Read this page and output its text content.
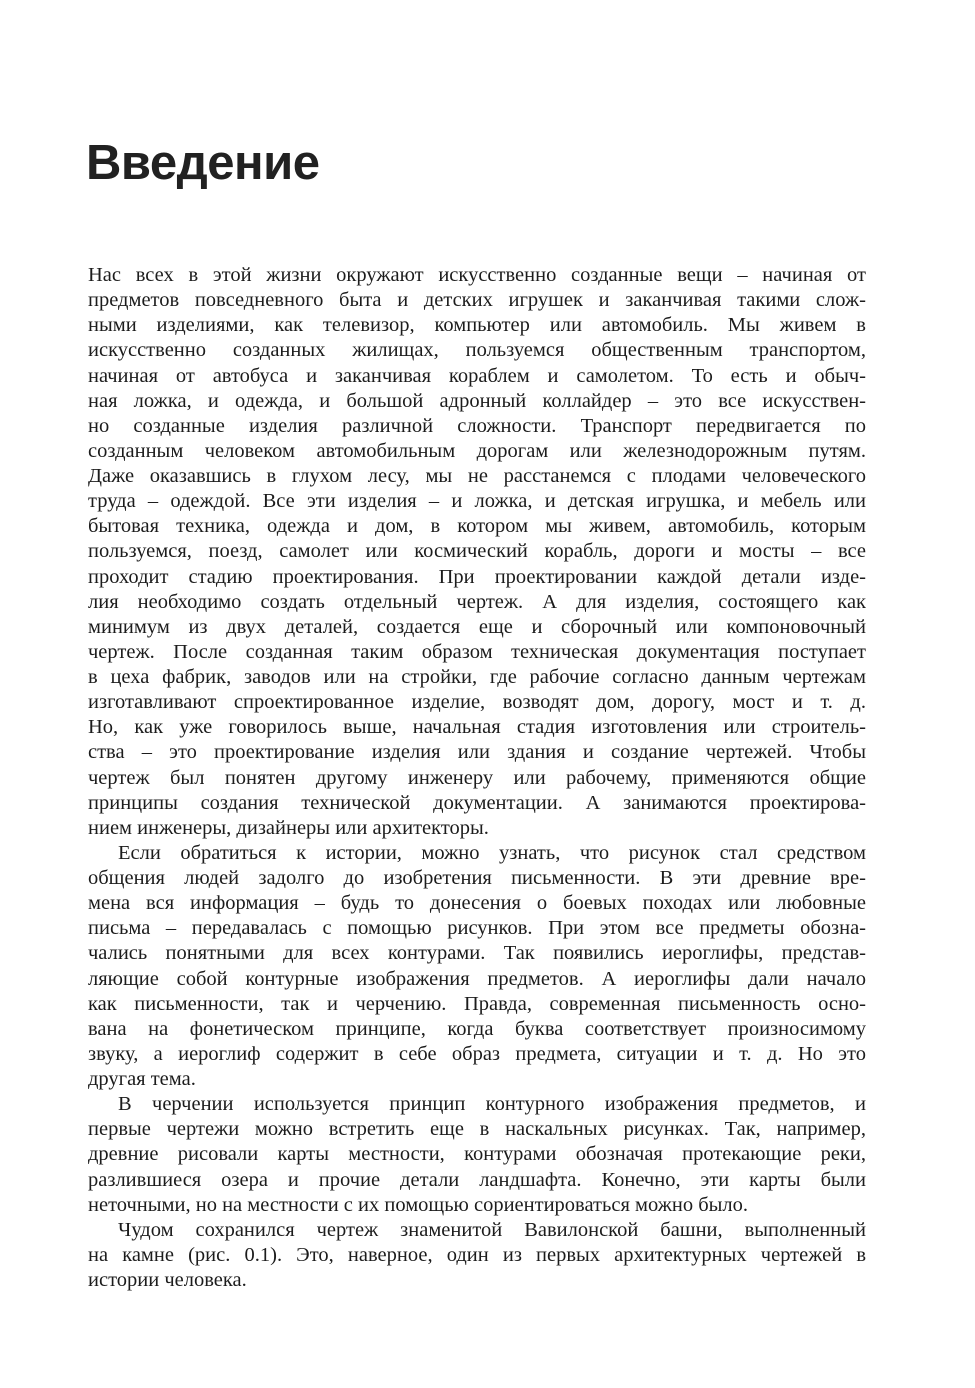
Введение
Нас всех в этой жизни окружают искусственно созданные вещи – начиная от
предметов повседневного быта и детских игрушек и заканчивая такими слож-
ными изделиями, как телевизор, компьютер или автомобиль. Мы живем в
искусственно созданных жилищах, пользуемся общественным транспортом,
начиная от автобуса и заканчивая кораблем и самолетом. То есть и обыч-
ная ложка, и одежда, и большой адронный коллайдер – это все искусствен-
но созданные изделия различной сложности. Транспорт передвигается по
созданным человеком автомобильным дорогам или железнодорожным путям.
Даже оказавшись в глухом лесу, мы не расстанемся с плодами человеческого
труда – одеждой. Все эти изделия – и ложка, и детская игрушка, и мебель или
бытовая техника, одежда и дом, в котором мы живем, автомобиль, которым
пользуемся, поезд, самолет или космический корабль, дороги и мосты – все
проходит стадию проектирования. При проектировании каждой детали изде-
лия необходимо создать отдельный чертеж. А для изделия, состоящего как
минимум из двух деталей, создается еще и сборочный или компоновочный
чертеж. После созданная таким образом техническая документация поступает
в цеха фабрик, заводов или на стройки, где рабочие согласно данным чертежам
изготавливают спроектированное изделие, возводят дом, дорогу, мост и т. д.
Но, как уже говорилось выше, начальная стадия изготовления или строитель-
ства – это проектирование изделия или здания и создание чертежей. Чтобы
чертеж был понятен другому инженеру или рабочему, применяются общие
принципы создания технической документации. А занимаются проектирова-
нием инженеры, дизайнеры или архитекторы.
Если обратиться к истории, можно узнать, что рисунок стал средством
общения людей задолго до изобретения письменности. В эти древние вре-
мена вся информация – будь то донесения о боевых походах или любовные
письма – передавалась с помощью рисунков. При этом все предметы обозна-
чались понятными для всех контурами. Так появились иероглифы, представ-
ляющие собой контурные изображения предметов. А иероглифы дали начало
как письменности, так и черчению. Правда, современная письменность осно-
вана на фонетическом принципе, когда буква соответствует произносимому
звуку, а иероглиф содержит в себе образ предмета, ситуации и т. д. Но это
другая тема.
В черчении используется принцип контурного изображения предметов, и
первые чертежи можно встретить еще в наскальных рисунках. Так, например,
древние рисовали карты местности, контурами обозначая протекающие реки,
разлившиеся озера и прочие детали ландшафта. Конечно, эти карты были
неточными, но на местности с их помощью сориентироваться можно было.
Чудом сохранился чертеж знаменитой Вавилонской башни, выполненный
на камне (рис. 0.1). Это, наверное, один из первых архитектурных чертежей в
истории человека.
